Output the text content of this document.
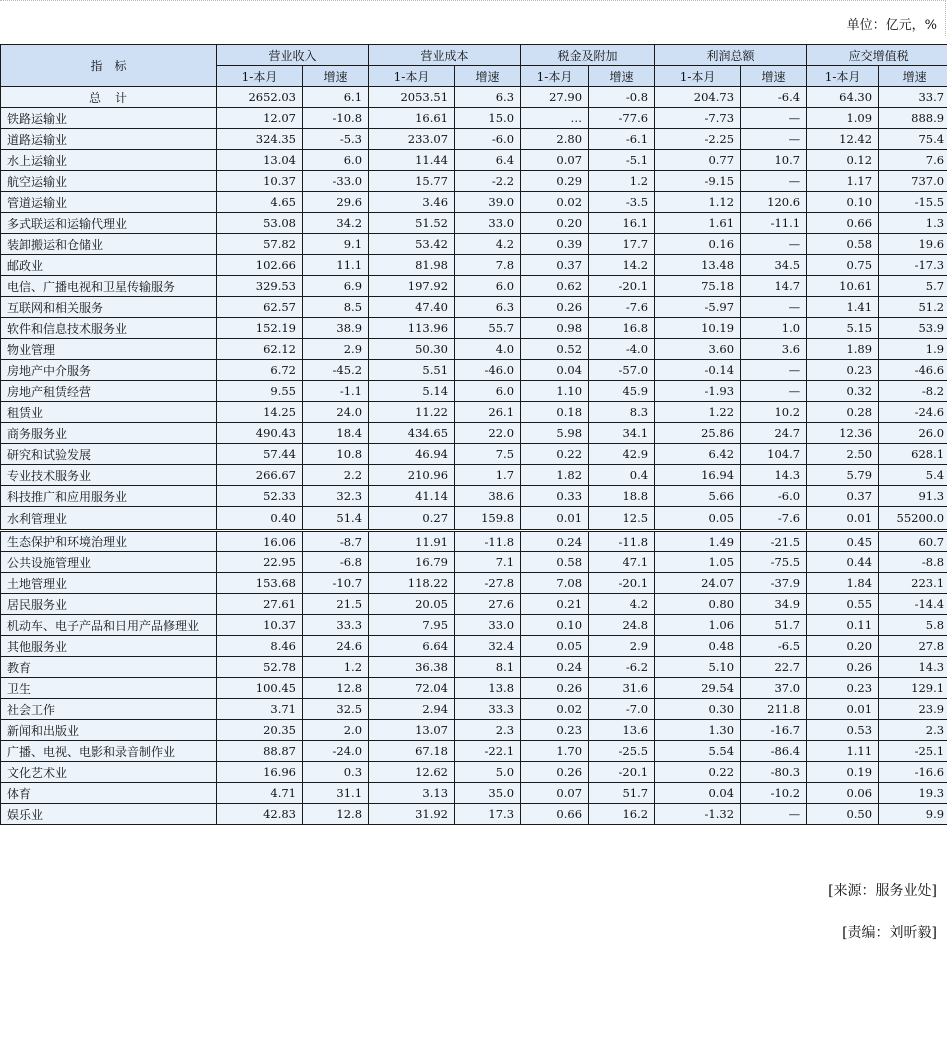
单位：亿元，%
指　标	营业收入		营业成本		税金及附加		利润总额		应交增值税	
	1-本月	增速	1-本月	增速	1-本月	增速	1-本月	增速	1-本月	增速
总　计	2652.03	6.1	2053.51	6.3	27.90	-0.8	204.73	-6.4	64.30	33.7
铁路运输业	12.07	-10.8	16.61	15.0	…	-77.6	-7.73	—	1.09	888.9
道路运输业	324.35	-5.3	233.07	-6.0	2.80	-6.1	-2.25	—	12.42	75.4
水上运输业	13.04	6.0	11.44	6.4	0.07	-5.1	0.77	10.7	0.12	7.6
航空运输业	10.37	-33.0	15.77	-2.2	0.29	1.2	-9.15	—	1.17	737.0
管道运输业	4.65	29.6	3.46	39.0	0.02	-3.5	1.12	120.6	0.10	-15.5
多式联运和运输代理业	53.08	34.2	51.52	33.0	0.20	16.1	1.61	-11.1	0.66	1.3
装卸搬运和仓储业	57.82	9.1	53.42	4.2	0.39	17.7	0.16	—	0.58	19.6
邮政业	102.66	11.1	81.98	7.8	0.37	14.2	13.48	34.5	0.75	-17.3
电信、广播电视和卫星传输服务	329.53	6.9	197.92	6.0	0.62	-20.1	75.18	14.7	10.61	5.7
互联网和相关服务	62.57	8.5	47.40	6.3	0.26	-7.6	-5.97	—	1.41	51.2
软件和信息技术服务业	152.19	38.9	113.96	55.7	0.98	16.8	10.19	1.0	5.15	53.9
物业管理	62.12	2.9	50.30	4.0	0.52	-4.0	3.60	3.6	1.89	1.9
房地产中介服务	6.72	-45.2	5.51	-46.0	0.04	-57.0	-0.14	—	0.23	-46.6
房地产租赁经营	9.55	-1.1	5.14	6.0	1.10	45.9	-1.93	—	0.32	-8.2
租赁业	14.25	24.0	11.22	26.1	0.18	8.3	1.22	10.2	0.28	-24.6
商务服务业	490.43	18.4	434.65	22.0	5.98	34.1	25.86	24.7	12.36	26.0
研究和试验发展	57.44	10.8	46.94	7.5	0.22	42.9	6.42	104.7	2.50	628.1
专业技术服务业	266.67	2.2	210.96	1.7	1.82	0.4	16.94	14.3	5.79	5.4
科技推广和应用服务业	52.33	32.3	41.14	38.6	0.33	18.8	5.66	-6.0	0.37	91.3
水利管理业	0.40	51.4	0.27	159.8	0.01	12.5	0.05	-7.6	0.01	55200.0
生态保护和环境治理业	16.06	-8.7	11.91	-11.8	0.24	-11.8	1.49	-21.5	0.45	60.7
公共设施管理业	22.95	-6.8	16.79	7.1	0.58	47.1	1.05	-75.5	0.44	-8.8
土地管理业	153.68	-10.7	118.22	-27.8	7.08	-20.1	24.07	-37.9	1.84	223.1
居民服务业	27.61	21.5	20.05	27.6	0.21	4.2	0.80	34.9	0.55	-14.4
机动车、电子产品和日用产品修理业	10.37	33.3	7.95	33.0	0.10	24.8	1.06	51.7	0.11	5.8
其他服务业	8.46	24.6	6.64	32.4	0.05	2.9	0.48	-6.5	0.20	27.8
教育	52.78	1.2	36.38	8.1	0.24	-6.2	5.10	22.7	0.26	14.3
卫生	100.45	12.8	72.04	13.8	0.26	31.6	29.54	37.0	0.23	129.1
社会工作	3.71	32.5	2.94	33.3	0.02	-7.0	0.30	211.8	0.01	23.9
新闻和出版业	20.35	2.0	13.07	2.3	0.23	13.6	1.30	-16.7	0.53	2.3
广播、电视、电影和录音制作业	88.87	-24.0	67.18	-22.1	1.70	-25.5	5.54	-86.4	1.11	-25.1
文化艺术业	16.96	0.3	12.62	5.0	0.26	-20.1	0.22	-80.3	0.19	-16.6
体育	4.71	31.1	3.13	35.0	0.07	51.7	0.04	-10.2	0.06	19.3
娱乐业	42.83	12.8	31.92	17.3	0.66	16.2	-1.32	—	0.50	9.9
[来源：服务业处]
[责编：刘昕毅]
